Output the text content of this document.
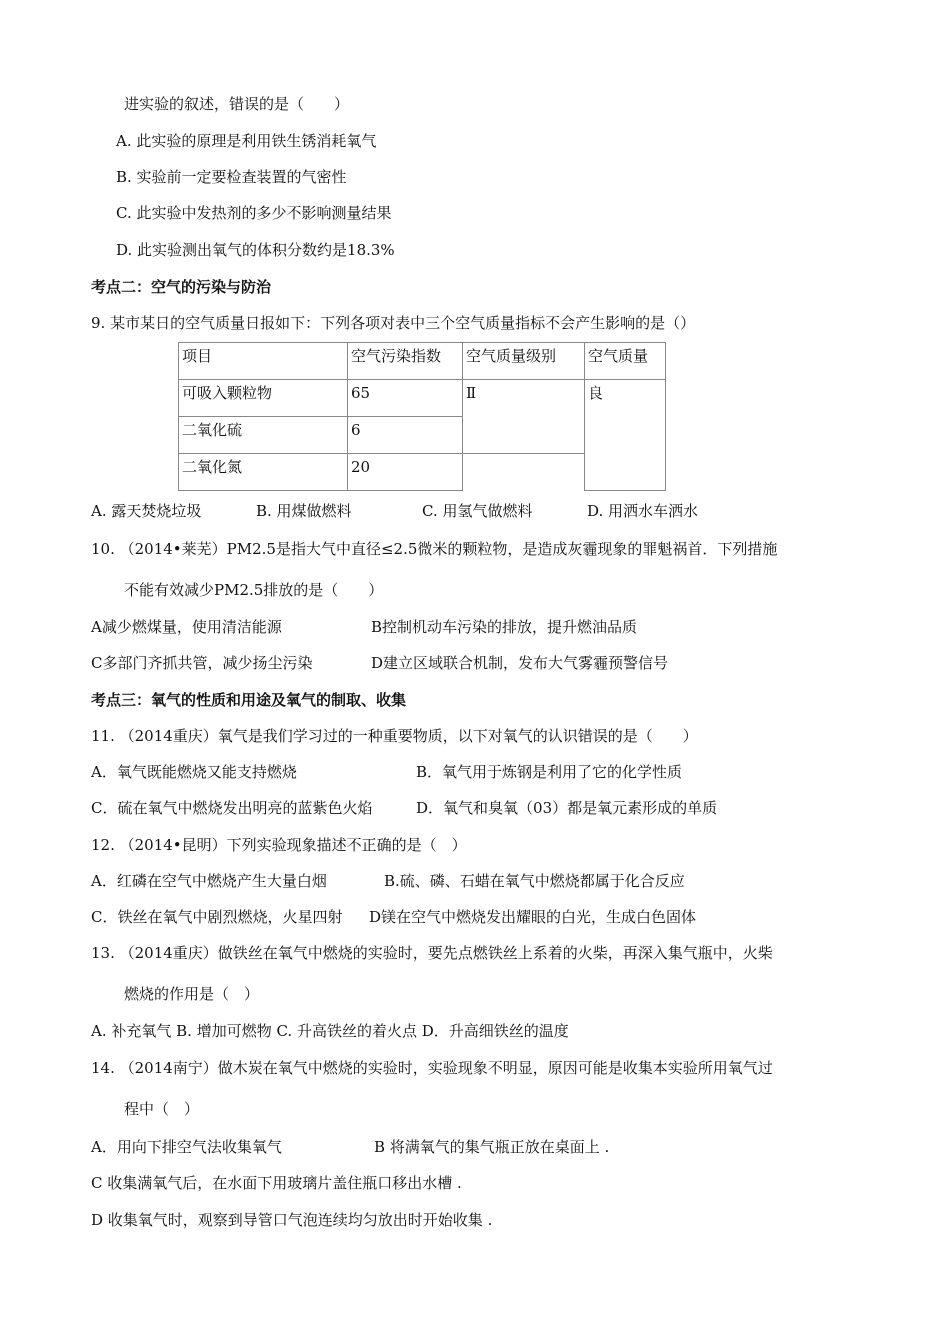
进实验的叙述，错误的是（　　）
A. 此实验的原理是利用铁生锈消耗氧气
B. 实验前一定要检查装置的气密性
C. 此实验中发热剂的多少不影响测量结果
D. 此实验测出氧气的体积分数约是18.3%
考点二：空气的污染与防治
9. 某市某日的空气质量日报如下：下列各项对表中三个空气质量指标不会产生影响的是（）
项目	空气污染指数	空气质量级别	空气质量
可吸入颗粒物	65	Ⅱ	良
二氧化硫	6		
二氧化氮	20		
A. 露天焚烧垃圾	B. 用煤做燃料	C. 用氢气做燃料	D. 用洒水车洒水
10. （2014•莱芜）PM2.5是指大气中直径≤2.5微米的颗粒物，是造成灰霾现象的罪魁祸首．下列措施
不能有效减少PM2.5排放的是（　　）
A减少燃煤量，使用清洁能源	B控制机动车污染的排放，提升燃油品质
C多部门齐抓共管，减少扬尘污染	D建立区域联合机制，发布大气雾霾预警信号
考点三：氧气的性质和用途及氧气的制取、收集
11. （2014重庆）氧气是我们学习过的一种重要物质，以下对氧气的认识错误的是（　　）
A．氧气既能燃烧又能支持燃烧	B．氧气用于炼钢是利用了它的化学性质
C．硫在氧气中燃烧发出明亮的蓝紫色火焰	D．氧气和臭氧（03）都是氧元素形成的单质
12. （2014•昆明）下列实验现象描述不正确的是（　）
A．红磷在空气中燃烧产生大量白烟	B.硫、磷、石蜡在氧气中燃烧都属于化合反应
C．铁丝在氧气中剧烈燃烧，火星四射 D镁在空气中燃烧发出耀眼的白光，生成白色固体
13. （2014重庆）做铁丝在氧气中燃烧的实验时，要先点燃铁丝上系着的火柴，再深入集气瓶中，火柴
燃烧的作用是（　）
A. 补充氧气 B. 增加可燃物 C. 升高铁丝的着火点 D．升高细铁丝的温度
14. （2014南宁）做木炭在氧气中燃烧的实验时，实验现象不明显，原因可能是收集本实验所用氧气过
程中（　）
A．用向下排空气法收集氧气	B 将满氧气的集气瓶正放在桌面上 .
C 收集满氧气后，在水面下用玻璃片盖住瓶口移出水槽 .
D 收集氧气时，观察到导管口气泡连续均匀放出时开始收集 .
